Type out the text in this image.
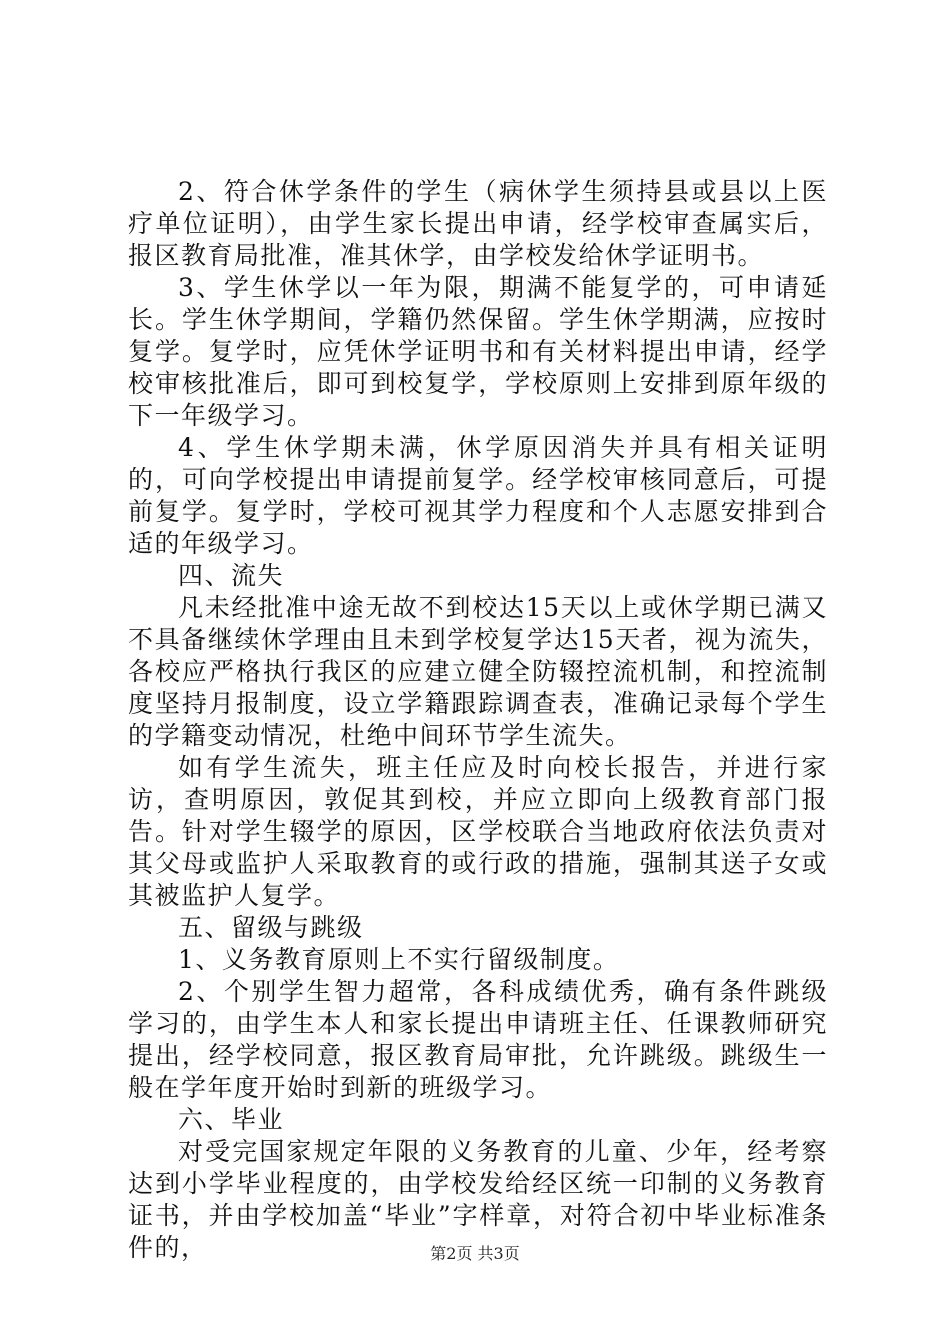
2、符合休学条件的学生（病休学生须持县或县以上医疗单位证明），由学生家长提出申请，经学校审查属实后，报区教育局批准，准其休学，由学校发给休学证明书。

3、学生休学以一年为限，期满不能复学的，可申请延长。学生休学期间，学籍仍然保留。学生休学期满，应按时复学。复学时，应凭休学证明书和有关材料提出申请，经学校审核批准后，即可到校复学，学校原则上安排到原年级的下一年级学习。

4、学生休学期未满，休学原因消失并具有相关证明的，可向学校提出申请提前复学。经学校审核同意后，可提前复学。复学时，学校可视其学力程度和个人志愿安排到合适的年级学习。

四、流失

凡未经批准中途无故不到校达15天以上或休学期已满又不具备继续休学理由且未到学校复学达15天者，视为流失，各校应严格执行我区的应建立健全防辍控流机制，和控流制度坚持月报制度，设立学籍跟踪调查表，准确记录每个学生的学籍变动情况，杜绝中间环节学生流失。

如有学生流失，班主任应及时向校长报告，并进行家访，查明原因，敦促其到校，并应立即向上级教育部门报告。针对学生辍学的原因，区学校联合当地政府依法负责对其父母或监护人采取教育的或行政的措施，强制其送子女或其被监护人复学。

五、留级与跳级

1、义务教育原则上不实行留级制度。

2、个别学生智力超常，各科成绩优秀，确有条件跳级学习的，由学生本人和家长提出申请班主任、任课教师研究提出，经学校同意，报区教育局审批，允许跳级。跳级生一般在学年度开始时到新的班级学习。

六、毕业

对受完国家规定年限的义务教育的儿童、少年，经考察达到小学毕业程度的，由学校发给经区统一印制的义务教育证书，并由学校加盖“毕业”字样章，对符合初中毕业标准条件的，	第2页 共3页
